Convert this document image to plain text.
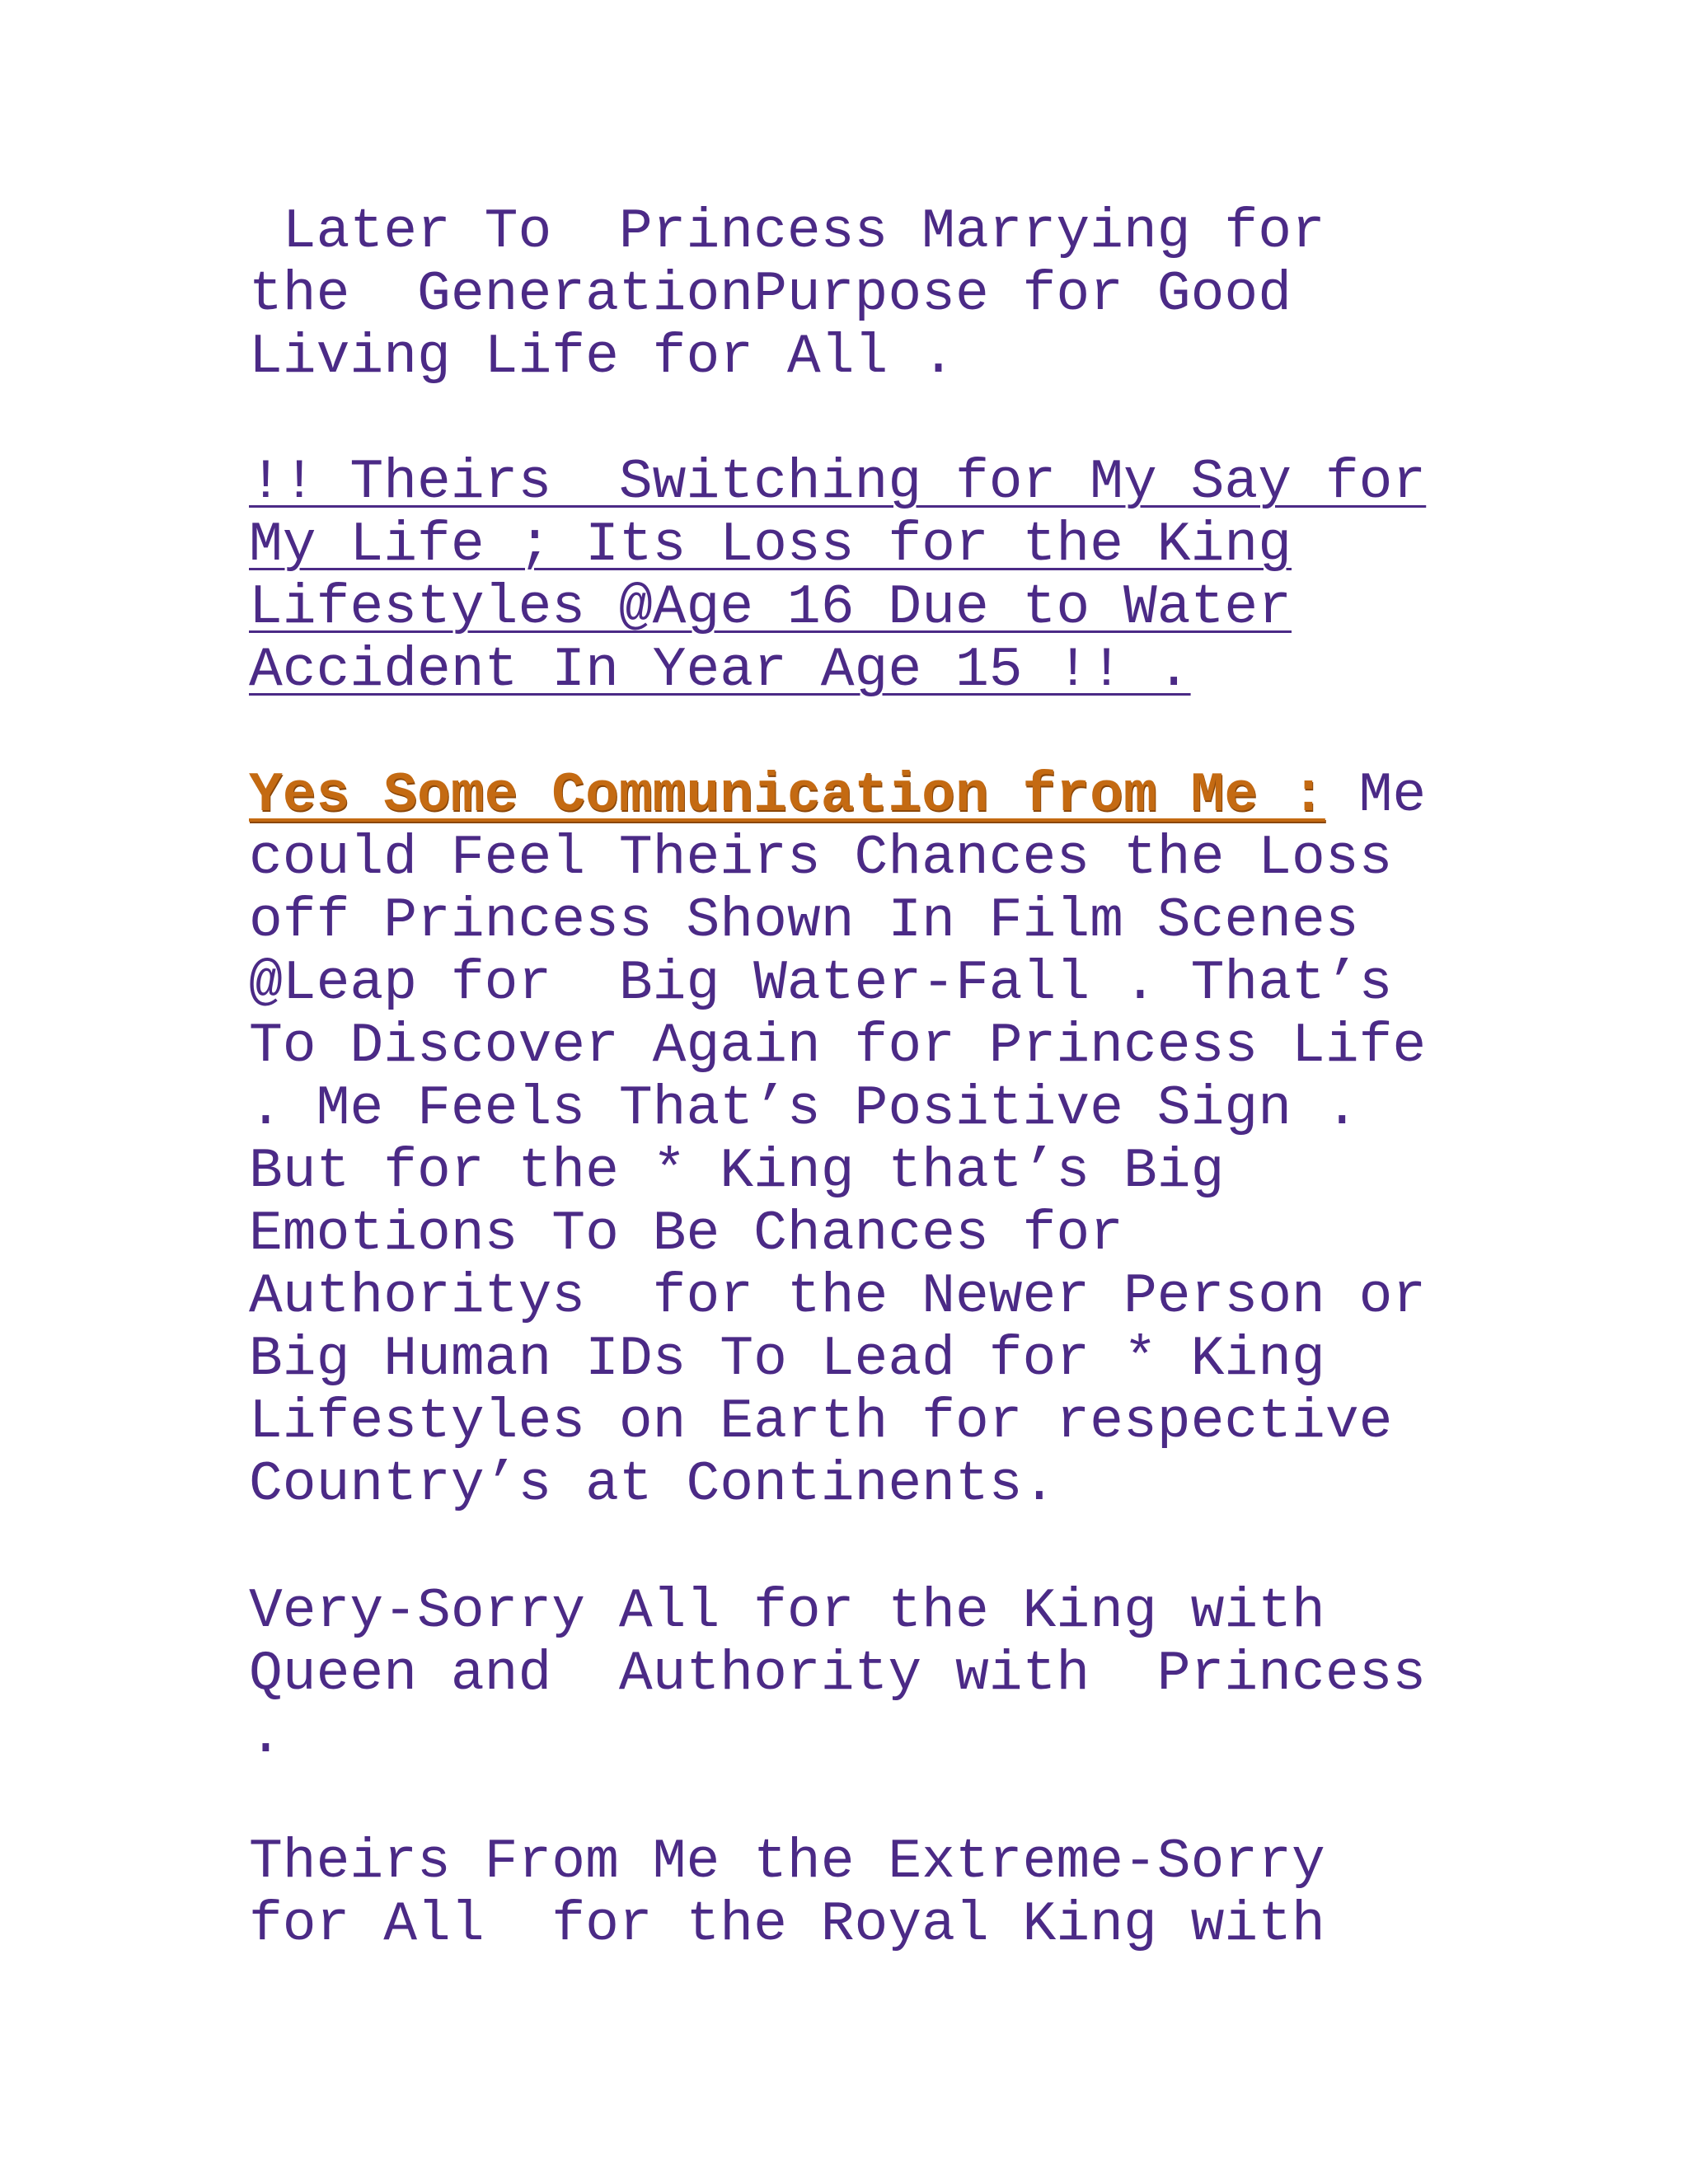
Later To  Princess Marrying for
the  GenerationPurpose for Good
Living Life for All .
!! Theirs  Switching for My Say for
My Life ; Its Loss for the King
Lifestyles @Age 16 Due to Water
Accident In Year Age 15 !! .
Yes Some Communication from Me : Me
could Feel Theirs Chances the Loss
off Princess Shown In Film Scenes
@Leap for  Big Water-Fall . That’s
To Discover Again for Princess Life
. Me Feels That’s Positive Sign .
But for the * King that’s Big
Emotions To Be Chances for
Authoritys  for the Newer Person or
Big Human IDs To Lead for * King
Lifestyles on Earth for respective
Country’s at Continents.
Very-Sorry All for the King with
Queen and  Authority with  Princess
.
Theirs From Me the Extreme-Sorry
for All  for the Royal King with
